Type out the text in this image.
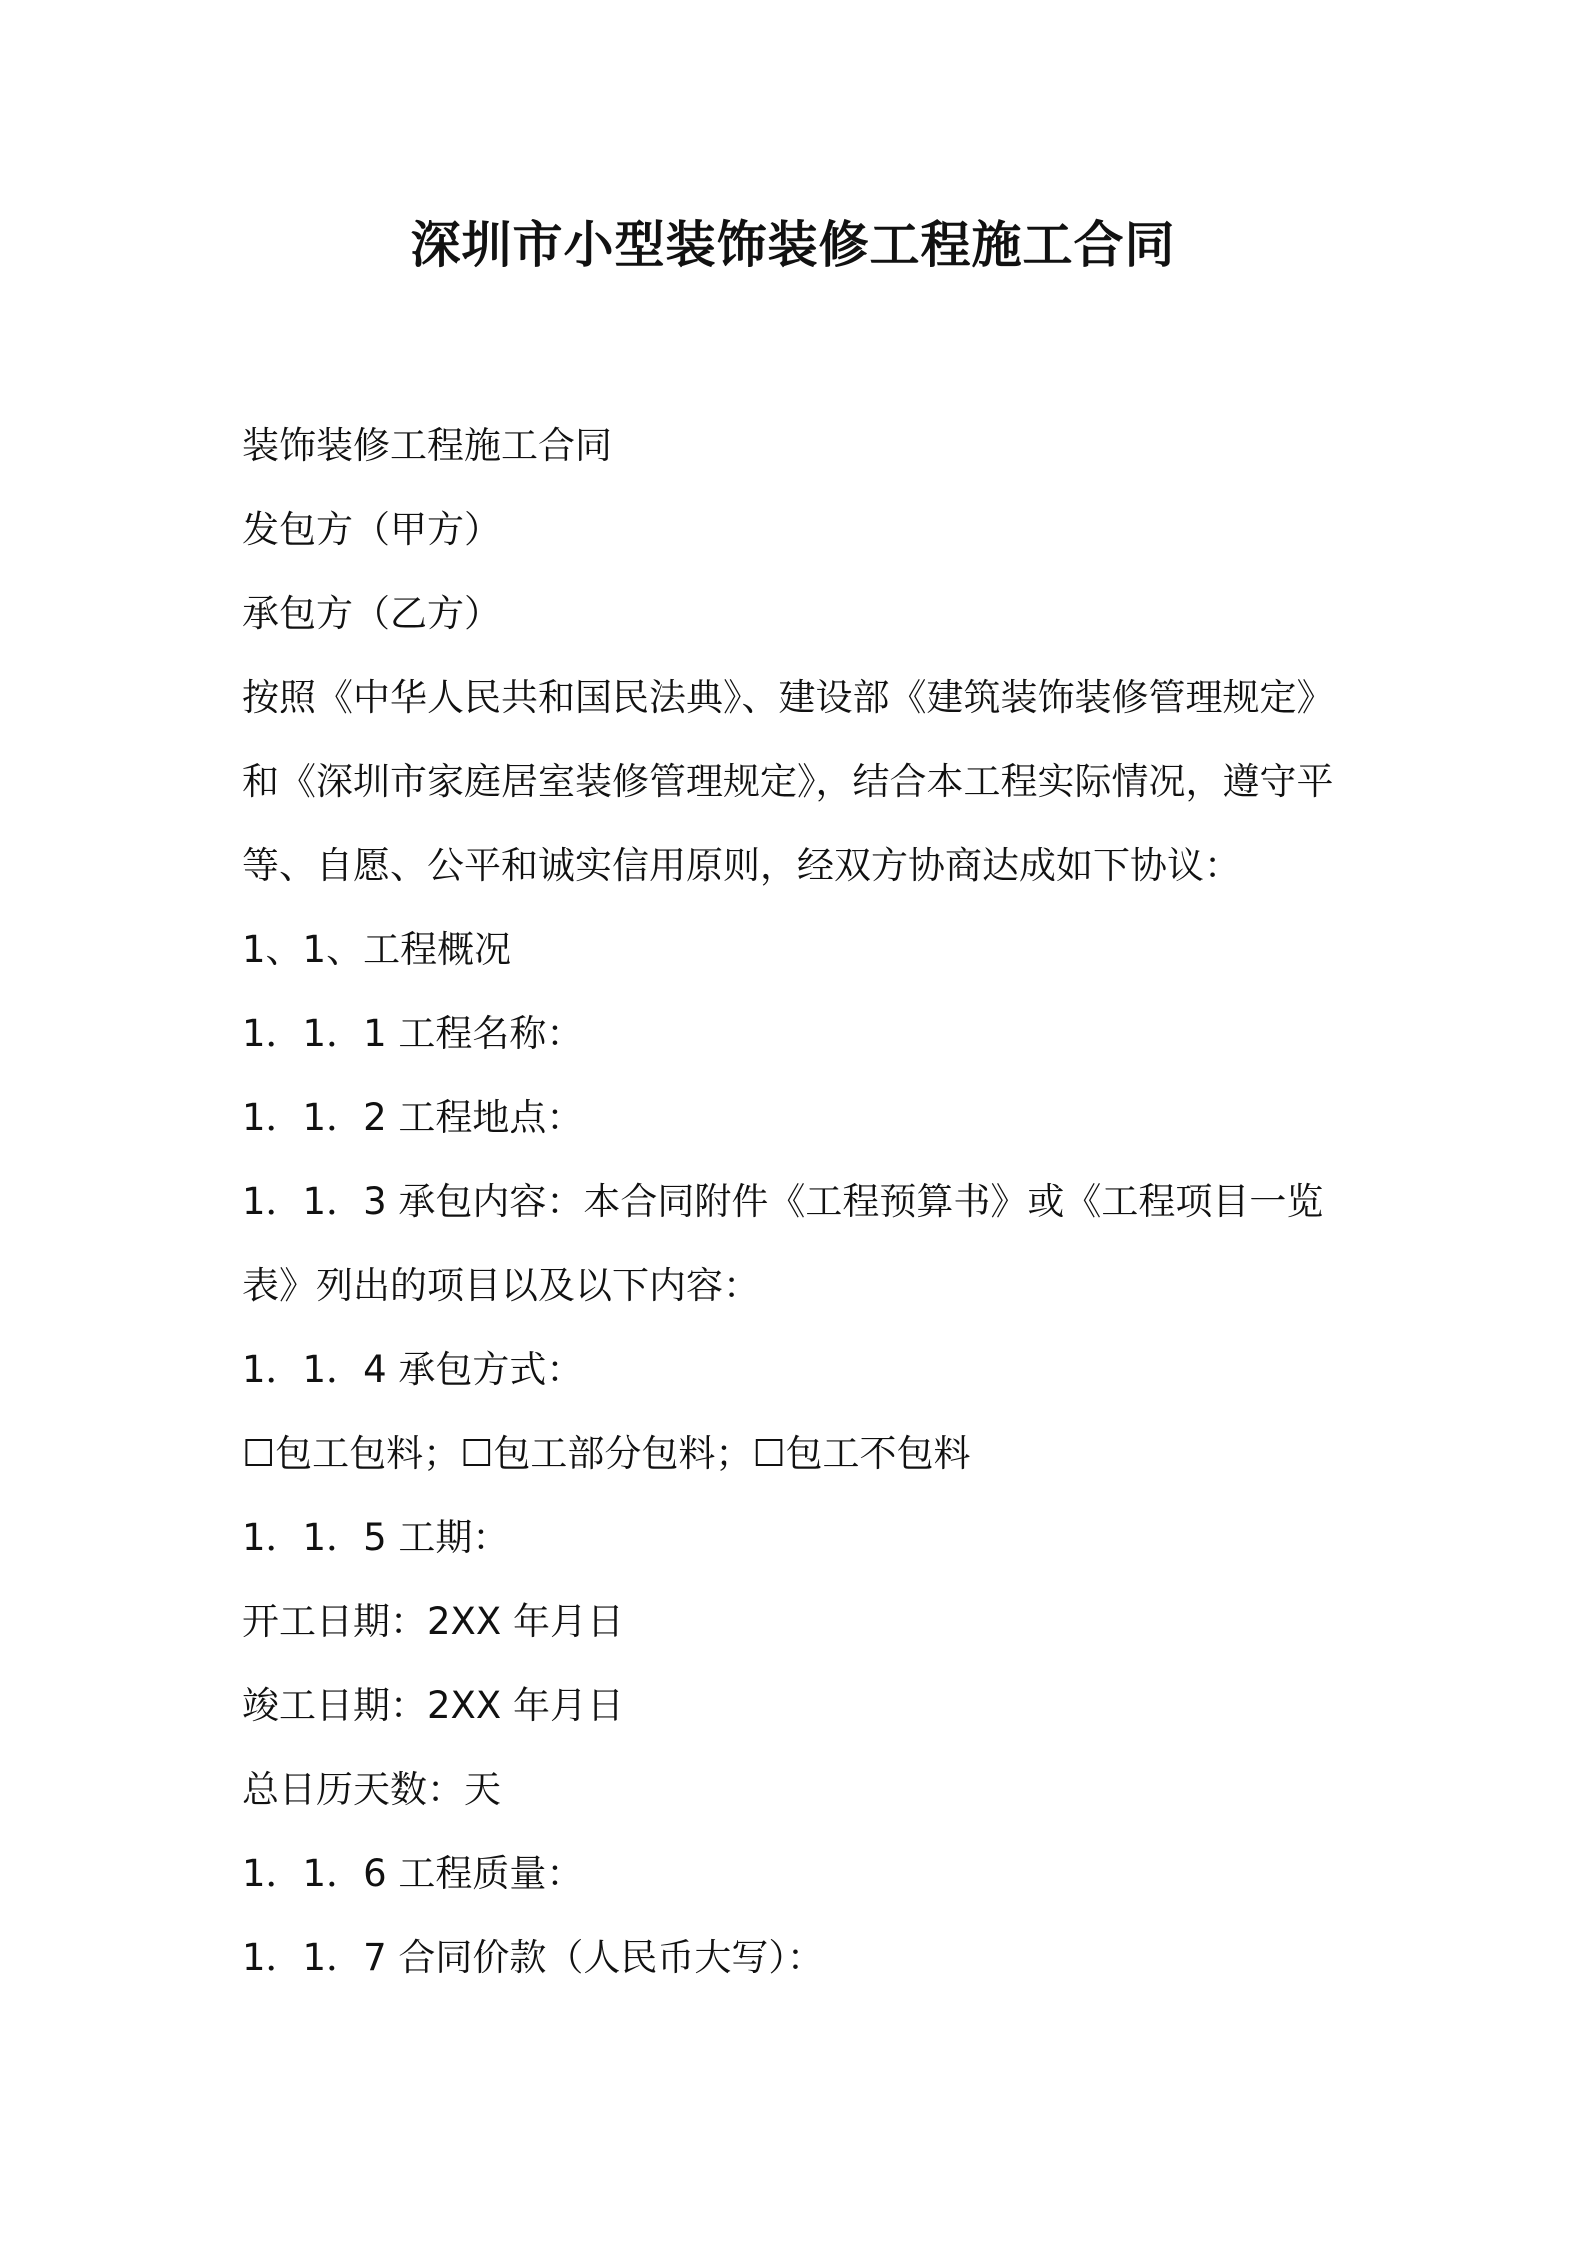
深圳市小型装饰装修工程施工合同

装饰装修工程施工合同

发包方（甲方）

承包方（乙方）

按照《中华人民共和国民法典》、建设部《建筑装饰装修管理规定》和《深圳市家庭居室装修管理规定》，结合本工程实际情况，遵守平等、自愿、公平和诚实信用原则，经双方协商达成如下协议：

1、1、工程概况

1．1．1 工程名称：

1．1．2 工程地点：

1．1．3 承包内容：本合同附件《工程预算书》或《工程项目一览表》列出的项目以及以下内容：

1．1．4 承包方式：

☐包工包料；☐包工部分包料；☐包工不包料

1．1．5 工期：

开工日期：2XX 年月日

竣工日期：2XX 年月日

总日历天数：天

1．1．6 工程质量：

1．1．7 合同价款（人民币大写）：
